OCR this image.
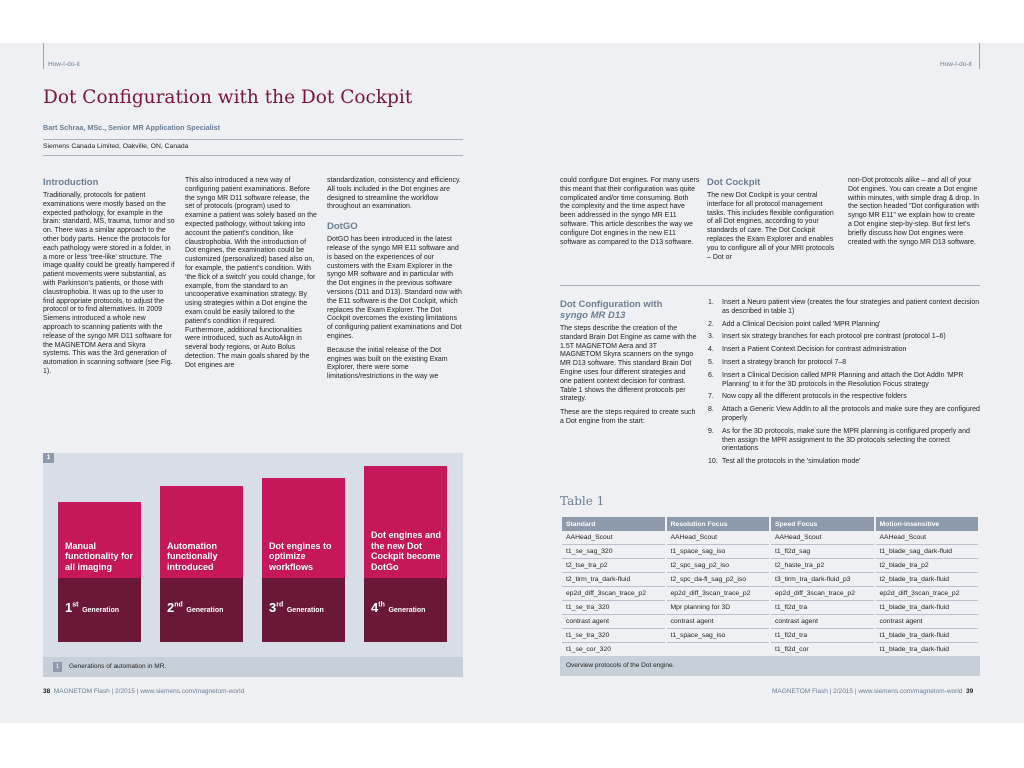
How-I-do-it
Dot Configuration with the Dot Cockpit
Bart Schraa, MSc., Senior MR Application Specialist
Siemens Canada Limited, Oakville, ON, Canada
Introduction

Traditionally, protocols for patient examinations were mostly based on the expected pathology, for example in the brain: standard, MS, trauma, tumor and so on. There was a similar approach to the other body parts. Hence the protocols for each pathology were stored in a folder, in a more or less 'tree-like' structure. The image quality could be greatly hampered if patient movements were substantial, as with Parkinson's patients, or those with claustrophobia. It was up to the user to find appropriate protocols, to adjust the protocol or to find alternatives. In 2009 Siemens introduced a whole new approach to scanning patients with the release of the syngo MR D11 software for the MAGNETOM Aera and Skyra systems. This was the 3rd generation of automation in scanning software (see Fig. 1).

This also introduced a new way of configuring patient examinations. Before the syngo MR D11 software release, the set of protocols (program) used to examine a patient was solely based on the expected pathology, without taking into account the patient's condition, like claustrophobia. With the introduction of Dot engines, the examination could be customized (personalized) based also on, for example, the patient's condition. With 'the flick of a switch' you could change, for example, from the standard to an uncooperative examination strategy. By using strategies within a Dot engine the exam could be easily tailored to the patient's condition if required. Furthermore, additional functionalities were introduced, such as AutoAlign in several body regions, or Auto Bolus detection. The main goals shared by the Dot engines are

standardization, consistency and efficiency. All tools included in the Dot engines are designed to streamline the workflow throughout an examination.

DotGO

DotGO has been introduced in the latest release of the syngo MR E11 software and is based on the experiences of our customers with the Exam Explorer in the syngo MR software and in particular with the Dot engines in the previous software versions (D11 and D13). Standard now with the E11 software is the Dot Cockpit, which replaces the Exam Explorer. The Dot Cockpit overcomes the existing limitations of configuring patient examinations and Dot engines.

Because the initial release of the Dot engines was built on the existing Exam Explorer, there were some limitations/restrictions in the way we

1
Manual functionality for all imaging
1st Generation
Automation functionally introduced
2nd Generation
Dot engines to optimize workflows
3rd Generation
Dot engines and the new Dot Cockpit become DotGo
4th Generation
1	Generations of automation in MR.
38 MAGNETOM Flash | 2/2015 | www.siemens.com/magnetom-world
How-I-do-it

could configure Dot engines. For many users this meant that their configuration was quite complicated and/or time consuming. Both the complexity and the time aspect have been addressed in the syngo MR E11 software. This article describes the way we configure Dot engines in the new E11 software as compared to the D13 software.

Dot Cockpit

The new Dot Cockpit is your central interface for all protocol management tasks. This includes flexible configuration of all Dot engines, according to your standards of care. The Dot Cockpit replaces the Exam Explorer and enables you to configure all of your MRI protocols – Dot or

non-Dot protocols alike – and all of your Dot engines. You can create a Dot engine within minutes, with simple drag & drop. In the section headed "Dot configuration with syngo MR E11" we explain how to create a Dot engine step-by-step. But first let's briefly discuss how Dot engines were created with the syngo MR D13 software.

Dot Configuration with
syngo MR D13

The steps describe the creation of the standard Brain Dot Engine as came with the 1.5T MAGNETOM Aera and 3T MAGNETOM Skyra scanners on the syngo MR D13 software. This standard Brain Dot Engine uses four different strategies and one patient context decision for contrast. Table 1 shows the different protocols per strategy.

These are the steps required to create such a Dot engine from the start:

1. Insert a Neuro patient view (creates the four strategies and patient context decision as described in table 1)
2. Add a Clinical Decision point called 'MPR Planning'
3. Insert six strategy branches for each protocol pre contrast (protocol 1–6)
4. Insert a Patient Context Decision for contrast administration
5. Insert a strategy branch for protocol 7–8
6. Insert a Clinical Decision called MPR Planning and attach the Dot AddIn 'MPR Planning' to it for the 3D protocols in the Resolution Focus strategy
7. Now copy all the different protocols in the respective folders
8. Attach a Generic View AddIn to all the protocols and make sure they are configured properly
9. As for the 3D protocols, make sure the MPR planning is configured properly and then assign the MPR assignment to the 3D protocols selecting the correct orientations
10. Test all the protocols in the 'simulation mode'
Table 1
Standard	Resolution Focus	Speed Focus	Motion-insensitive
AAHead_Scout	AAHead_Scout	AAHead_Scout	AAHead_Scout
t1_se_sag_320	t1_space_sag_iso	t1_fl2d_sag	t1_blade_sag_dark-fluid
t2_tse_tra_p2	t2_spc_sag_p2_iso	t2_haste_tra_p2	t2_blade_tra_p2
t2_tirm_tra_dark-fluid	t2_spc_da-fl_sag_p2_iso	t3_tirm_tra_dark-fluid_p3	t2_blade_tra_dark-fluid
ep2d_diff_3scan_trace_p2	ep2d_diff_3scan_trace_p2	ep2d_diff_3scan_trace_p2	ep2d_diff_3scan_trace_p2
t1_se_tra_320	Mpr planning for 3D	t1_fl2d_tra	t1_blade_tra_dark-fluid
contrast agent	contrast agent	contrast agent	contrast agent
t1_se_tra_320	t1_space_sag_iso	t1_fl2d_tra	t1_blade_tra_dark-fluid
t1_se_cor_320		t1_fl2d_cor	t1_blade_tra_dark-fluid
Overview protocols of the Dot engine.
MAGNETOM Flash | 2/2015 | www.siemens.com/magnetom-world 39
